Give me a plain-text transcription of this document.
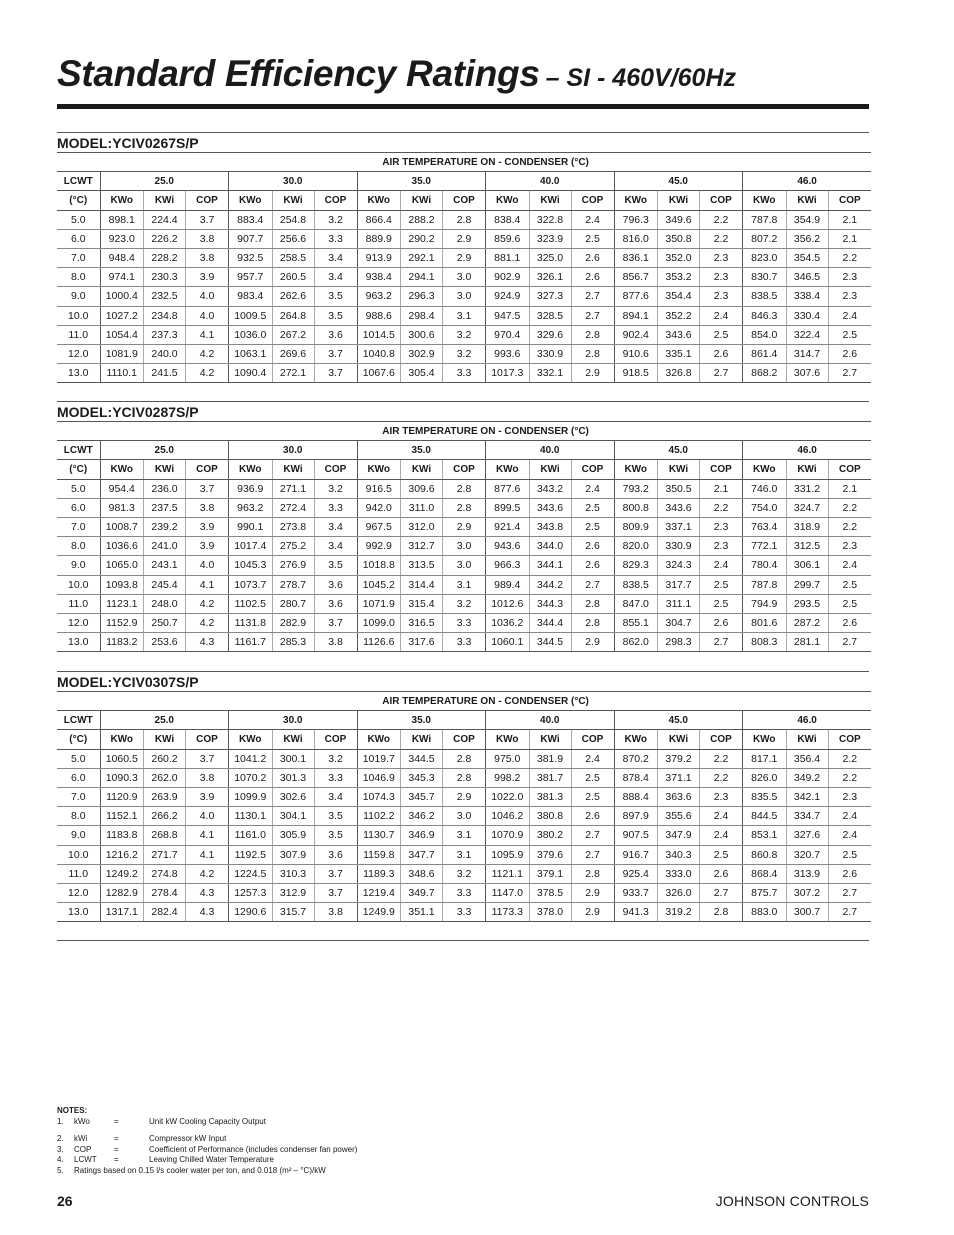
Standard Efficiency Ratings – SI - 460V/60Hz
MODEL:YCIV0267S/P
	AIR TEMPERATURE ON - CONDENSER (°C)																	
LCWT	25.0			30.0			35.0			40.0			45.0			46.0		
(°C)	KWo	KWi	COP	KWo	KWi	COP	KWo	KWi	COP	KWo	KWi	COP	KWo	KWi	COP	KWo	KWi	COP
5.0	898.1	224.4	3.7	883.4	254.8	3.2	866.4	288.2	2.8	838.4	322.8	2.4	796.3	349.6	2.2	787.8	354.9	2.1
6.0	923.0	226.2	3.8	907.7	256.6	3.3	889.9	290.2	2.9	859.6	323.9	2.5	816.0	350.8	2.2	807.2	356.2	2.1
7.0	948.4	228.2	3.8	932.5	258.5	3.4	913.9	292.1	2.9	881.1	325.0	2.6	836.1	352.0	2.3	823.0	354.5	2.2
8.0	974.1	230.3	3.9	957.7	260.5	3.4	938.4	294.1	3.0	902.9	326.1	2.6	856.7	353.2	2.3	830.7	346.5	2.3
9.0	1000.4	232.5	4.0	983.4	262.6	3.5	963.2	296.3	3.0	924.9	327.3	2.7	877.6	354.4	2.3	838.5	338.4	2.3
10.0	1027.2	234.8	4.0	1009.5	264.8	3.5	988.6	298.4	3.1	947.5	328.5	2.7	894.1	352.2	2.4	846.3	330.4	2.4
11.0	1054.4	237.3	4.1	1036.0	267.2	3.6	1014.5	300.6	3.2	970.4	329.6	2.8	902.4	343.6	2.5	854.0	322.4	2.5
12.0	1081.9	240.0	4.2	1063.1	269.6	3.7	1040.8	302.9	3.2	993.6	330.9	2.8	910.6	335.1	2.6	861.4	314.7	2.6
13.0	1110.1	241.5	4.2	1090.4	272.1	3.7	1067.6	305.4	3.3	1017.3	332.1	2.9	918.5	326.8	2.7	868.2	307.6	2.7
MODEL:YCIV0287S/P
	AIR TEMPERATURE ON - CONDENSER (°C)																	
LCWT	25.0			30.0			35.0			40.0			45.0			46.0		
(°C)	KWo	KWi	COP	KWo	KWi	COP	KWo	KWi	COP	KWo	KWi	COP	KWo	KWi	COP	KWo	KWi	COP
5.0	954.4	236.0	3.7	936.9	271.1	3.2	916.5	309.6	2.8	877.6	343.2	2.4	793.2	350.5	2.1	746.0	331.2	2.1
6.0	981.3	237.5	3.8	963.2	272.4	3.3	942.0	311.0	2.8	899.5	343.6	2.5	800.8	343.6	2.2	754.0	324.7	2.2
7.0	1008.7	239.2	3.9	990.1	273.8	3.4	967.5	312.0	2.9	921.4	343.8	2.5	809.9	337.1	2.3	763.4	318.9	2.2
8.0	1036.6	241.0	3.9	1017.4	275.2	3.4	992.9	312.7	3.0	943.6	344.0	2.6	820.0	330.9	2.3	772.1	312.5	2.3
9.0	1065.0	243.1	4.0	1045.3	276.9	3.5	1018.8	313.5	3.0	966.3	344.1	2.6	829.3	324.3	2.4	780.4	306.1	2.4
10.0	1093.8	245.4	4.1	1073.7	278.7	3.6	1045.2	314.4	3.1	989.4	344.2	2.7	838.5	317.7	2.5	787.8	299.7	2.5
11.0	1123.1	248.0	4.2	1102.5	280.7	3.6	1071.9	315.4	3.2	1012.6	344.3	2.8	847.0	311.1	2.5	794.9	293.5	2.5
12.0	1152.9	250.7	4.2	1131.8	282.9	3.7	1099.0	316.5	3.3	1036.2	344.4	2.8	855.1	304.7	2.6	801.6	287.2	2.6
13.0	1183.2	253.6	4.3	1161.7	285.3	3.8	1126.6	317.6	3.3	1060.1	344.5	2.9	862.0	298.3	2.7	808.3	281.1	2.7
MODEL:YCIV0307S/P
	AIR TEMPERATURE ON - CONDENSER (°C)																	
LCWT	25.0			30.0			35.0			40.0			45.0			46.0		
(°C)	KWo	KWi	COP	KWo	KWi	COP	KWo	KWi	COP	KWo	KWi	COP	KWo	KWi	COP	KWo	KWi	COP
5.0	1060.5	260.2	3.7	1041.2	300.1	3.2	1019.7	344.5	2.8	975.0	381.9	2.4	870.2	379.2	2.2	817.1	356.4	2.2
6.0	1090.3	262.0	3.8	1070.2	301.3	3.3	1046.9	345.3	2.8	998.2	381.7	2.5	878.4	371.1	2.2	826.0	349.2	2.2
7.0	1120.9	263.9	3.9	1099.9	302.6	3.4	1074.3	345.7	2.9	1022.0	381.3	2.5	888.4	363.6	2.3	835.5	342.1	2.3
8.0	1152.1	266.2	4.0	1130.1	304.1	3.5	1102.2	346.2	3.0	1046.2	380.8	2.6	897.9	355.6	2.4	844.5	334.7	2.4
9.0	1183.8	268.8	4.1	1161.0	305.9	3.5	1130.7	346.9	3.1	1070.9	380.2	2.7	907.5	347.9	2.4	853.1	327.6	2.4
10.0	1216.2	271.7	4.1	1192.5	307.9	3.6	1159.8	347.7	3.1	1095.9	379.6	2.7	916.7	340.3	2.5	860.8	320.7	2.5
11.0	1249.2	274.8	4.2	1224.5	310.3	3.7	1189.3	348.6	3.2	1121.1	379.1	2.8	925.4	333.0	2.6	868.4	313.9	2.6
12.0	1282.9	278.4	4.3	1257.3	312.9	3.7	1219.4	349.7	3.3	1147.0	378.5	2.9	933.7	326.0	2.7	875.7	307.2	2.7
13.0	1317.1	282.4	4.3	1290.6	315.7	3.8	1249.9	351.1	3.3	1173.3	378.0	2.9	941.3	319.2	2.8	883.0	300.7	2.7
NOTES:
1.	kWo	=	Unit kW Cooling Capacity Output
2.	kWi	=	Compressor kW Input
3.	COP	=	Coefficient of Performance (includes condenser fan power)
4.	LCWT	=	Leaving Chilled Water Temperature
5.	Ratings based on 0.15 l/s cooler water per ton, and 0.018 (m² – °C)/kW
26	JOHNSON CONTROLS
